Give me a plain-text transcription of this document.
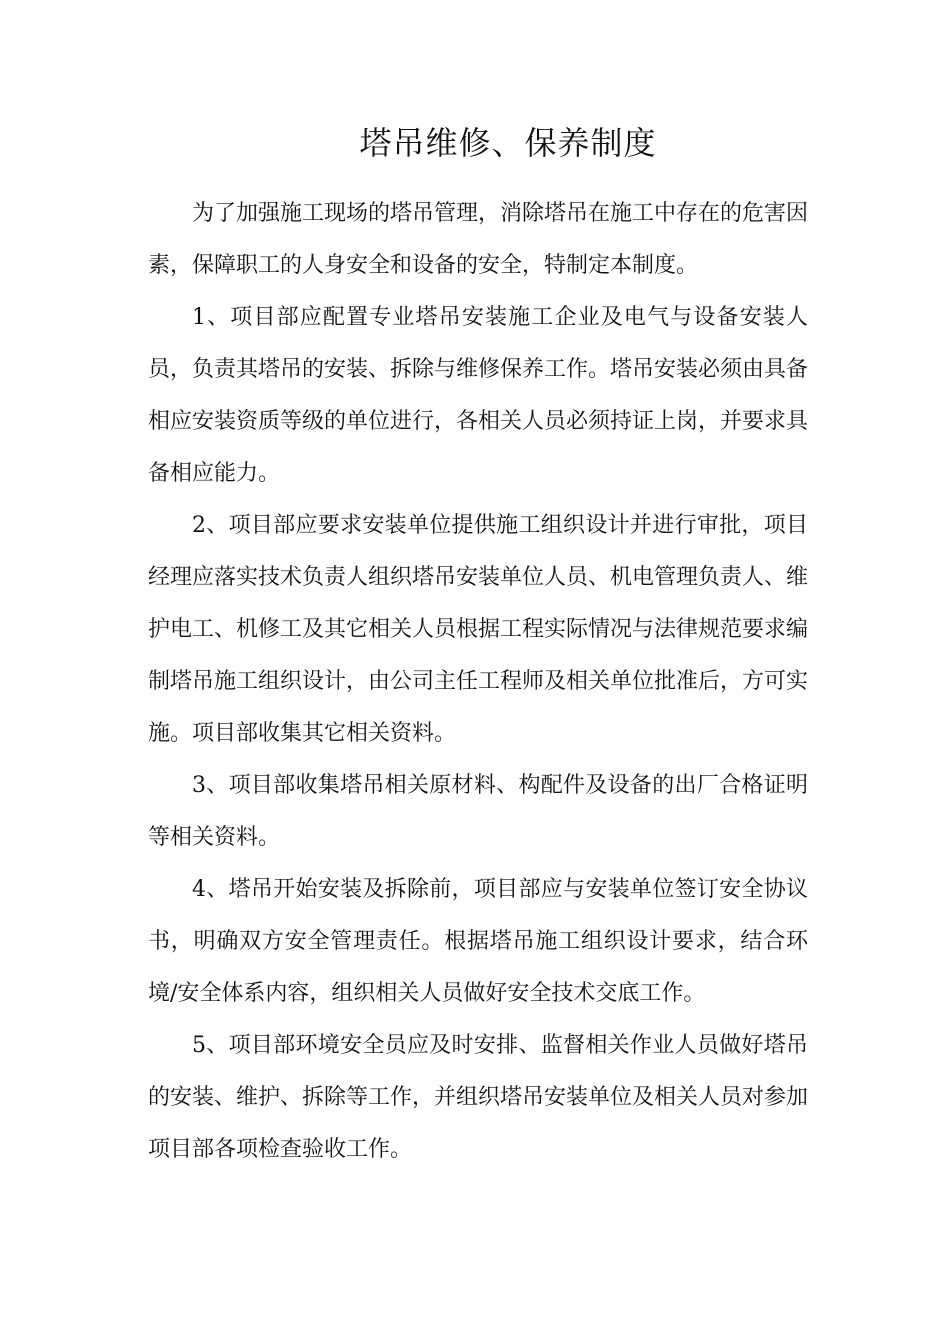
塔吊维修、保养制度

为了加强施工现场的塔吊管理，消除塔吊在施工中存在的危害因素，保障职工的人身安全和设备的安全，特制定本制度。

1、项目部应配置专业塔吊安装施工企业及电气与设备安装人员，负责其塔吊的安装、拆除与维修保养工作。塔吊安装必须由具备相应安装资质等级的单位进行，各相关人员必须持证上岗，并要求具备相应能力。

2、项目部应要求安装单位提供施工组织设计并进行审批，项目经理应落实技术负责人组织塔吊安装单位人员、机电管理负责人、维护电工、机修工及其它相关人员根据工程实际情况与法律规范要求编制塔吊施工组织设计，由公司主任工程师及相关单位批准后，方可实施。项目部收集其它相关资料。

3、项目部收集塔吊相关原材料、构配件及设备的出厂合格证明等相关资料。

4、塔吊开始安装及拆除前，项目部应与安装单位签订安全协议书，明确双方安全管理责任。根据塔吊施工组织设计要求，结合环境/安全体系内容，组织相关人员做好安全技术交底工作。

5、项目部环境安全员应及时安排、监督相关作业人员做好塔吊的安装、维护、拆除等工作，并组织塔吊安装单位及相关人员对参加项目部各项检查验收工作。
